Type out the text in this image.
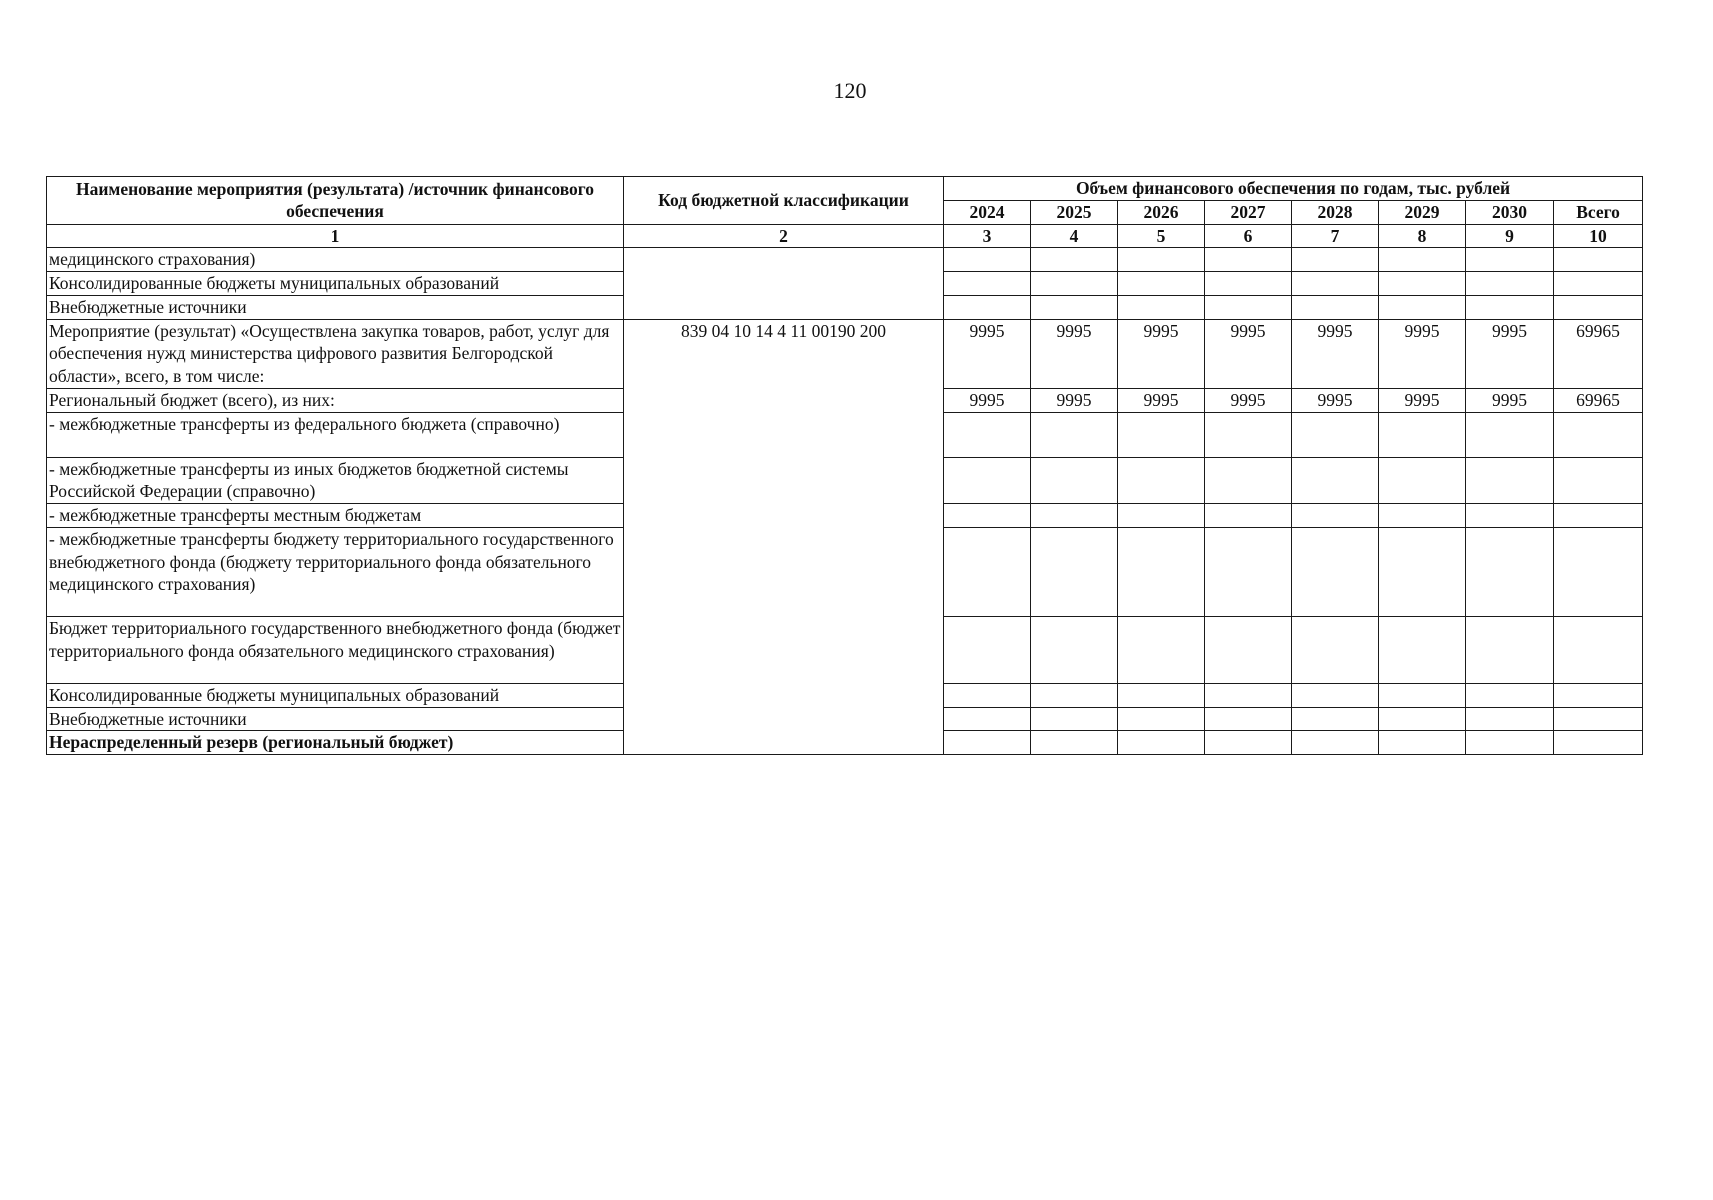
120
Наименование мероприятия (результата) /источник финансового обеспечения	Код бюджетной классификации	Объем финансового обеспечения по годам, тыс. рублей								
		2024	2025	2026	2027	2028	2029	2030	Всего	
1	2	3	4	5	6	7	8	9	10	
медицинского страхования)										
Консолидированные бюджеты муниципальных образований										
Внебюджетные источники										
Мероприятие (результат) «Осуществлена закупка товаров, работ, услуг для обеспечения нужд министерства цифрового развития Белгородской области», всего, в том числе:	839 04 10 14 4 11 00190 200	9995	9995	9995	9995	9995	9995	9995	69965	
Региональный бюджет (всего), из них:		9995	9995	9995	9995	9995	9995	9995	69965	
- межбюджетные трансферты из федерального бюджета (справочно)										
- межбюджетные трансферты из иных бюджетов бюджетной системы Российской Федерации (справочно)										
- межбюджетные трансферты местным бюджетам										
- межбюджетные трансферты бюджету территориального государственного внебюджетного фонда (бюджету территориального фонда обязательного медицинского страхования)										
Бюджет территориального государственного внебюджетного фонда (бюджет территориального фонда обязательного медицинского страхования)										
Консолидированные бюджеты муниципальных образований										
Внебюджетные источники										
Нераспределенный резерв (региональный бюджет)										
